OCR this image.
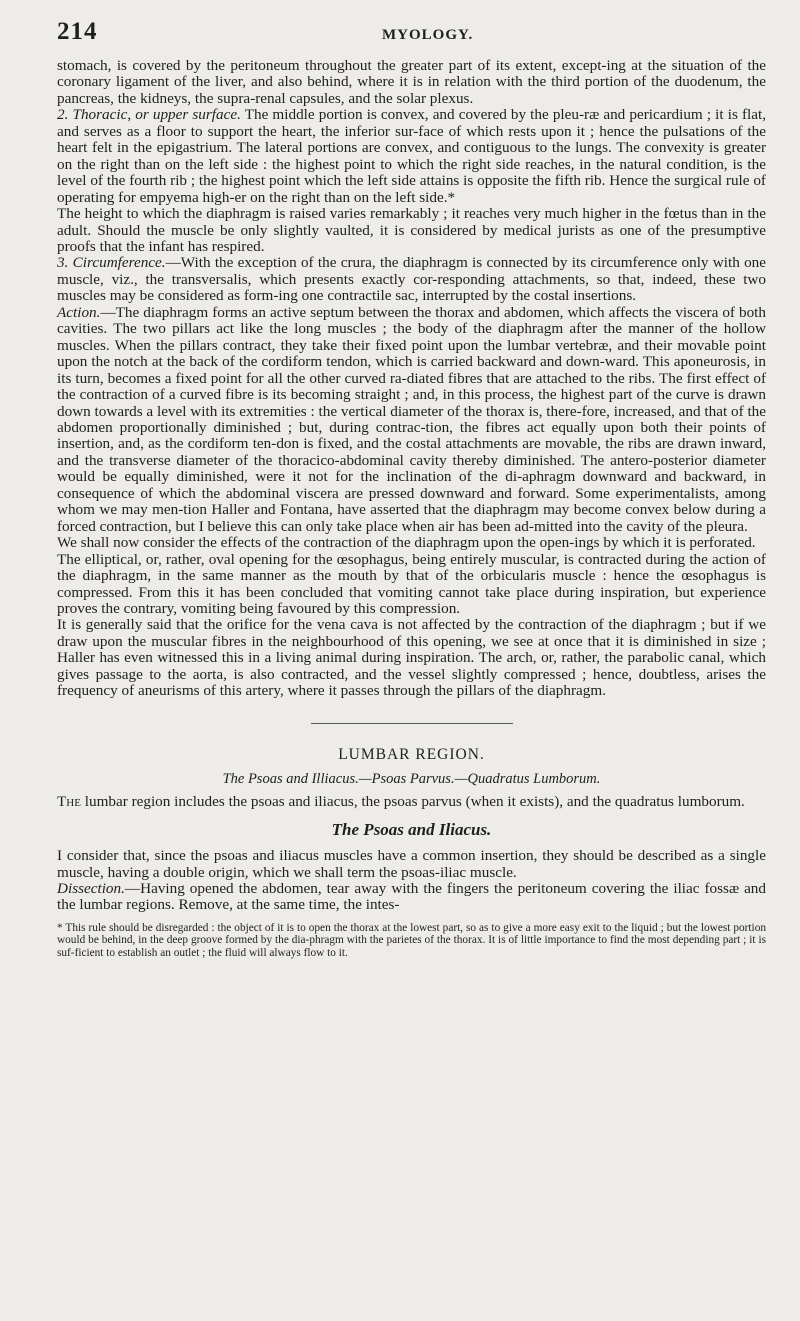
214	MYOLOGY.

stomach, is covered by the peritoneum throughout the greater part of its extent, except-ing at the situation of the coronary ligament of the liver, and also behind, where it is in relation with the third portion of the duodenum, the pancreas, the kidneys, the supra-renal capsules, and the solar plexus.

2. Thoracic, or upper surface. The middle portion is convex, and covered by the pleu-ræ and pericardium ; it is flat, and serves as a floor to support the heart, the inferior sur-face of which rests upon it ; hence the pulsations of the heart felt in the epigastrium. The lateral portions are convex, and contiguous to the lungs. The convexity is greater on the right than on the left side : the highest point to which the right side reaches, in the natural condition, is the level of the fourth rib ; the highest point which the left side attains is opposite the fifth rib. Hence the surgical rule of operating for empyema high-er on the right than on the left side.*

The height to which the diaphragm is raised varies remarkably ; it reaches very much higher in the fœtus than in the adult. Should the muscle be only slightly vaulted, it is considered by medical jurists as one of the presumptive proofs that the infant has respired.

3. Circumference.—With the exception of the crura, the diaphragm is connected by its circumference only with one muscle, viz., the transversalis, which presents exactly cor-responding attachments, so that, indeed, these two muscles may be considered as form-ing one contractile sac, interrupted by the costal insertions.

Action.—The diaphragm forms an active septum between the thorax and abdomen, which affects the viscera of both cavities. The two pillars act like the long muscles ; the body of the diaphragm after the manner of the hollow muscles. When the pillars contract, they take their fixed point upon the lumbar vertebræ, and their movable point upon the notch at the back of the cordiform tendon, which is carried backward and down-ward. This aponeurosis, in its turn, becomes a fixed point for all the other curved ra-diated fibres that are attached to the ribs. The first effect of the contraction of a curved fibre is its becoming straight ; and, in this process, the highest part of the curve is drawn down towards a level with its extremities : the vertical diameter of the thorax is, there-fore, increased, and that of the abdomen proportionally diminished ; but, during contrac-tion, the fibres act equally upon both their points of insertion, and, as the cordiform ten-don is fixed, and the costal attachments are movable, the ribs are drawn inward, and the transverse diameter of the thoracico-abdominal cavity thereby diminished. The antero-posterior diameter would be equally diminished, were it not for the inclination of the di-aphragm downward and backward, in consequence of which the abdominal viscera are pressed downward and forward. Some experimentalists, among whom we may men-tion Haller and Fontana, have asserted that the diaphragm may become convex below during a forced contraction, but I believe this can only take place when air has been ad-mitted into the cavity of the pleura.

We shall now consider the effects of the contraction of the diaphragm upon the open-ings by which it is perforated.

The elliptical, or, rather, oval opening for the œsophagus, being entirely muscular, is contracted during the action of the diaphragm, in the same manner as the mouth by that of the orbicularis muscle : hence the œsophagus is compressed. From this it has been concluded that vomiting cannot take place during inspiration, but experience proves the contrary, vomiting being favoured by this compression.

It is generally said that the orifice for the vena cava is not affected by the contraction of the diaphragm ; but if we draw upon the muscular fibres in the neighbourhood of this opening, we see at once that it is diminished in size ; Haller has even witnessed this in a living animal during inspiration. The arch, or, rather, the parabolic canal, which gives passage to the aorta, is also contracted, and the vessel slightly compressed ; hence, doubtless, arises the frequency of aneurisms of this artery, where it passes through the pillars of the diaphragm.

LUMBAR REGION.
The Psoas and Illiacus.—Psoas Parvus.—Quadratus Lumborum.

The lumbar region includes the psoas and iliacus, the psoas parvus (when it exists), and the quadratus lumborum.

The Psoas and Iliacus.

I consider that, since the psoas and iliacus muscles have a common insertion, they should be described as a single muscle, having a double origin, which we shall term the psoas-iliac muscle.

Dissection.—Having opened the abdomen, tear away with the fingers the peritoneum covering the iliac fossæ and the lumbar regions. Remove, at the same time, the intes-

* This rule should be disregarded : the object of it is to open the thorax at the lowest part, so as to give a more easy exit to the liquid ; but the lowest portion would be behind, in the deep groove formed by the dia-phragm with the parietes of the thorax. It is of little importance to find the most depending part ; it is suf-ficient to establish an outlet ; the fluid will always flow to it.
